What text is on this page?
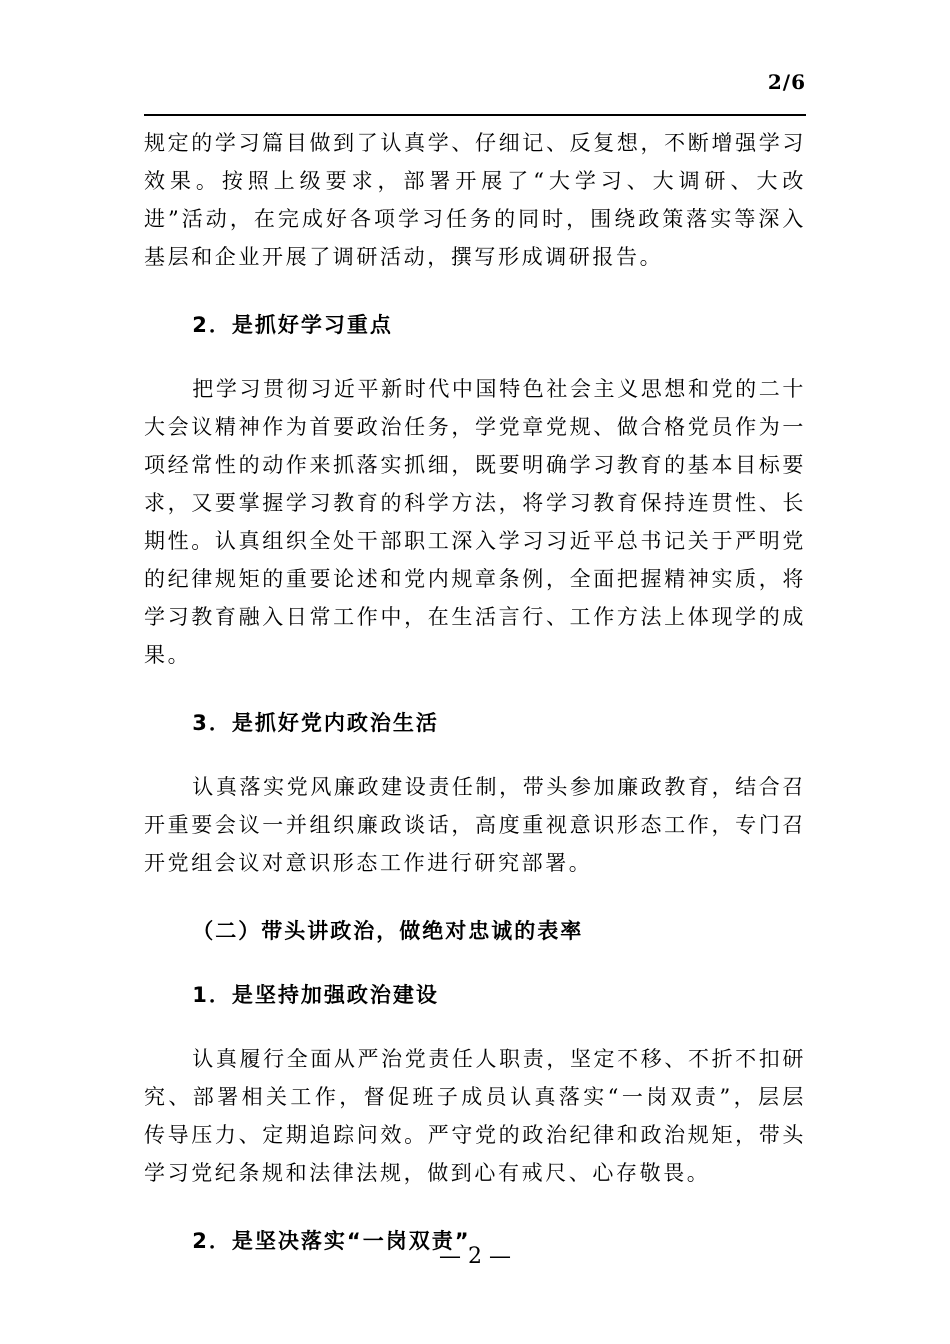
2/6

规定的学习篇目做到了认真学、仔细记、反复想，不断增强学习效果。按照上级要求，部署开展了“大学习、大调研、大改进”活动，在完成好各项学习任务的同时，围绕政策落实等深入基层和企业开展了调研活动，撰写形成调研报告。

2．是抓好学习重点

把学习贯彻习近平新时代中国特色社会主义思想和党的二十大会议精神作为首要政治任务，学党章党规、做合格党员作为一项经常性的动作来抓落实抓细，既要明确学习教育的基本目标要求，又要掌握学习教育的科学方法，将学习教育保持连贯性、长期性。认真组织全处干部职工深入学习习近平总书记关于严明党的纪律规矩的重要论述和党内规章条例，全面把握精神实质，将学习教育融入日常工作中，在生活言行、工作方法上体现学的成果。

3．是抓好党内政治生活

认真落实党风廉政建设责任制，带头参加廉政教育，结合召开重要会议一并组织廉政谈话，高度重视意识形态工作，专门召开党组会议对意识形态工作进行研究部署。

（二）带头讲政治，做绝对忠诚的表率
1．是坚持加强政治建设

认真履行全面从严治党责任人职责，坚定不移、不折不扣研究、部署相关工作，督促班子成员认真落实“一岗双责”，层层传导压力、定期追踪问效。严守党的政治纪律和政治规矩，带头学习党纪条规和法律法规，做到心有戒尺、心存敬畏。

2．是坚决落实“一岗双责”
— 2 —
